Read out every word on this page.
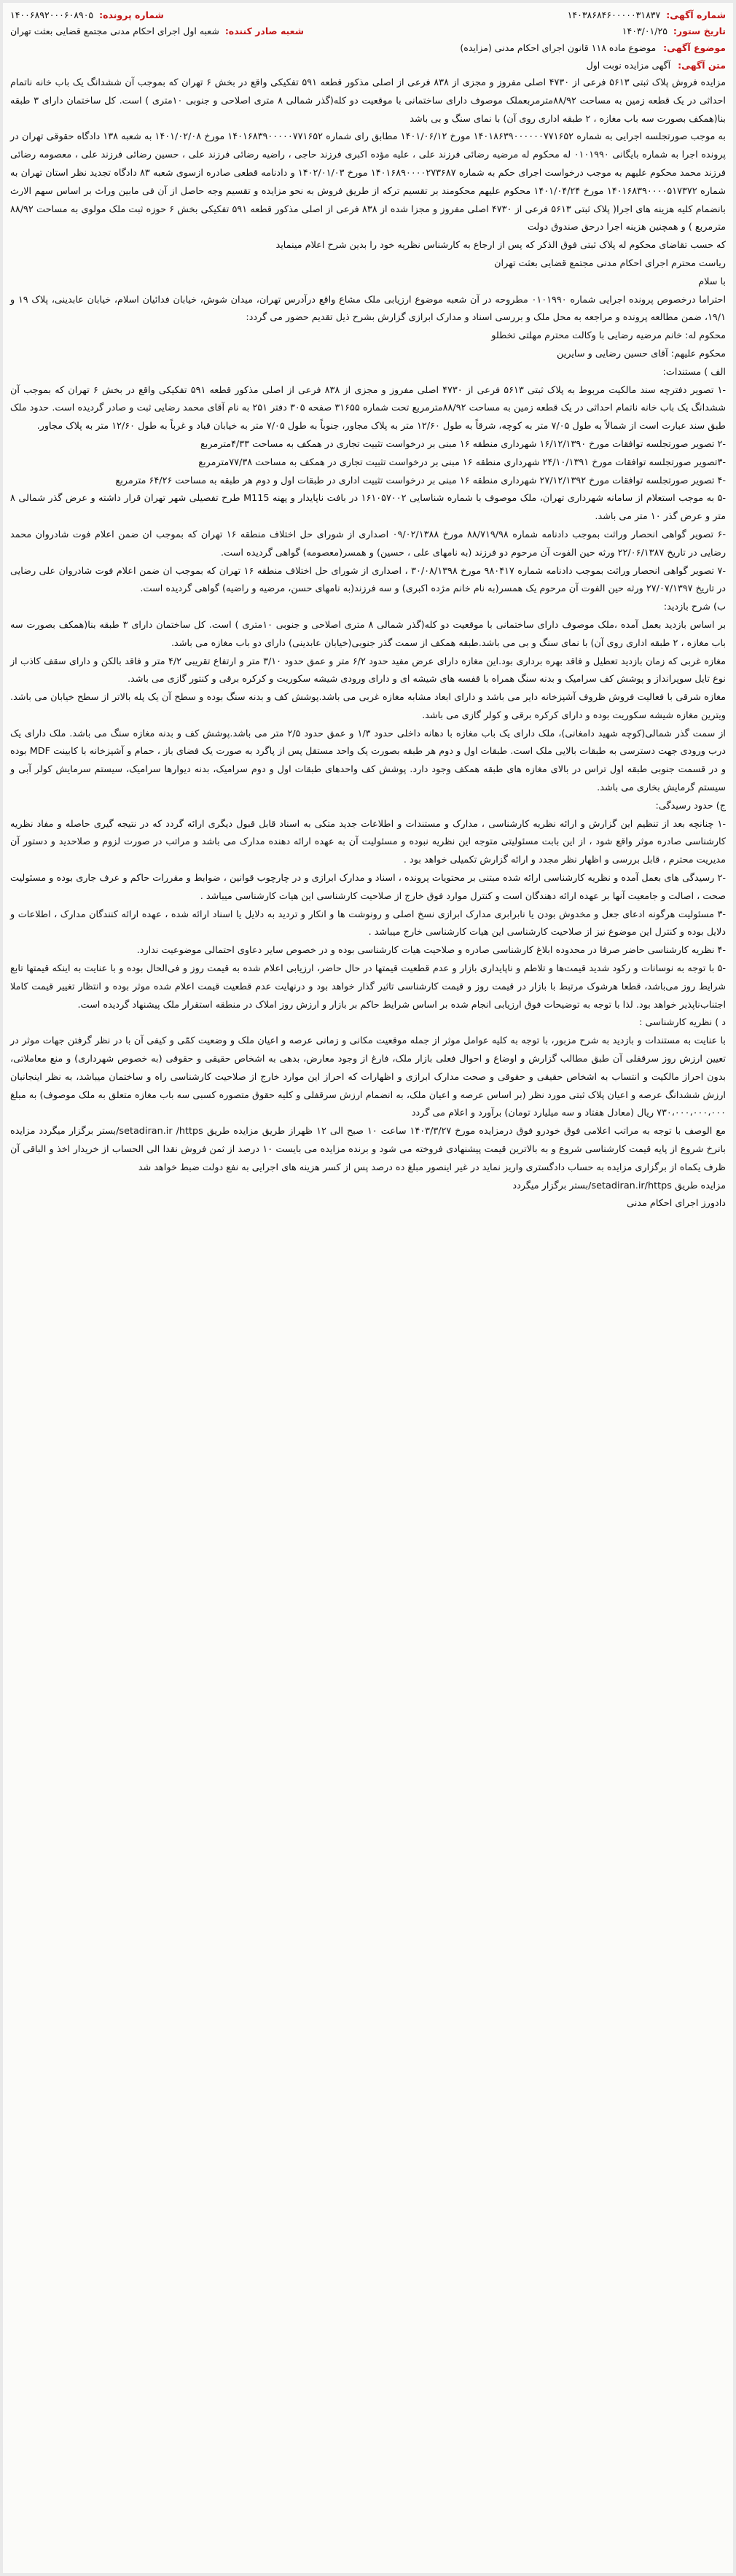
شماره آگهی:
۱۴۰۳۸۶۸۴۶۰۰۰۰۰۳۱۸۳۷
شماره پرونده:
۱۴۰۰۶۸۹۲۰۰۰۶۰۸۹۰۵
تاریخ ستور:
۱۴۰۳/۰۱/۲۵
شعبه صادر کننده:
شعبه اول اجرای احکام مدنی مجتمع قضایی بعثت تهران
موضوع آگهی: موضوع ماده ۱۱۸ قانون اجرای احکام مدنی (مزایده)
متن آگهی: آگهی مزایده نوبت اول

مزایده فروش پلاک ثبتی ۵۶۱۳ فرعی از ۴۷۳۰ اصلی مفروز و مجزی از ۸۳۸ فرعی از اصلی مذکور قطعه ۵۹۱ تفکیکی واقع در بخش ۶ تهران که بموجب آن ششدانگ یک باب خانه ناتمام احداثی در یک قطعه زمین به مساحت ۸۸/۹۲مترمربعملک موصوف دارای ساختمانی با موقعیت دو کله(گذر شمالی ۸ متری اصلاحی و جنوبی ۱۰متری ) است. کل ساختمان دارای ۳ طبقه بنا(همکف بصورت سه باب مغازه ، ۲ طبقه اداری روی آن) با نمای سنگ و بی باشد

به موجب صورتجلسه اجرایی به شماره ۱۴۰۱۸۶۳۹۰۰۰۰۰۰۷۷۱۶۵۲ مورخ ۱۴۰۱/۰۶/۱۲ مطابق رای شماره ۱۴۰۱۶۸۳۹۰۰۰۰۰۷۷۱۶۵۲ مورخ ۱۴۰۱/۰۲/۰۸ به شعبه ۱۳۸ دادگاه حقوقی تهران در پرونده اجرا به شماره بایگانی ۰۱۰۱۹۹۰ له محکوم له مرضیه رضائی فرزند علی ، علیه مؤده اکبری فرزند حاجی ، راضیه رضائی فرزند علی ، حسین رضائی فرزند علی ، معصومه رضائی فرزند محمد محکوم علیهم به موجب درخواست اجرای حکم به شماره ۱۴۰۱۶۸۹۰۰۰۰۲۷۳۶۸۷ مورخ ۱۴۰۲/۰۱/۰۳ و دادنامه قطعی صادره ازسوی شعبه ۸۳ دادگاه تجدید نظر استان تهران به شماره ۱۴۰۱۶۸۳۹۰۰۰۰۵۱۷۳۷۲ مورخ ۱۴۰۱/۰۴/۲۴ محکوم علیهم محکومند بر تقسیم ترکه از طریق فروش به نحو مزایده و تقسیم وجه حاصل از آن فی مابین وراث بر اساس سهم الارث بانضمام کلیه هزینه های اجرا( پلاک ثبتی ۵۶۱۳ فرعی از ۴۷۳۰ اصلی مفروز و مجزا شده از ۸۳۸ فرعی از اصلی مذکور قطعه ۵۹۱ تفکیکی بخش ۶ حوزه ثبت ملک مولوی به مساحت ۸۸/۹۲ مترمربع ) و همچنین هزینه اجرا درحق صندوق دولت

که حسب تقاضای محکوم له پلاک ثبتی فوق الذکر که پس از ارجاع به کارشناس نظریه خود را بدین شرح اعلام مینماید

ریاست محترم اجرای احکام مدنی مجتمع قضایی بعثت تهران

با سلام

احتراما درخصوص پرونده اجرایی شماره ۰۱۰۱۹۹۰ مطروحه در آن شعبه موضوع ارزیابی ملک مشاع واقع درآدرس تهران، میدان شوش، خیابان فدائیان اسلام، خیابان عابدینی، پلاک ۱۹ و ۱۹/۱، ضمن مطالعه پرونده و مراجعه به محل ملک و بررسی اسناد و مدارک ابرازی گزارش بشرح ذیل تقدیم حضور می گردد:

محکوم له: خانم مرضیه رضایی با وکالت محترم مهلتی تخطلو

محکوم علیهم: آقای حسین رضایی و سایرین

الف ) مستندات:

-۱ تصویر دفترچه سند مالکیت مربوط به پلاک ثبتی ۵۶۱۳ فرعی از ۴۷۳۰ اصلی مفروز و مجزی از ۸۳۸ فرعی از اصلی مذکور قطعه ۵۹۱ تفکیکی واقع در بخش ۶ تهران که بموجب آن ششدانگ یک باب خانه ناتمام احداثی در یک قطعه زمین به مساحت ۸۸/۹۲مترمربع تحت شماره ۳۱۶۵۵ صفحه ۳۰۵ دفتر ۲۵۱ به نام آقای محمد رضایی ثبت و صادر گردیده است. حدود ملک طبق سند عبارت است از شمالاً به طول ۷/۰۵ متر به کوچه، شرقاً به طول ۱۲/۶۰ متر به پلاک مجاور، جنوباً به طول ۷/۰۵ متر به خیابان قباد و غرباً به طول ۱۲/۶۰ متر به پلاک مجاور.

-۲ تصویر صورتجلسه توافقات مورخ ۱۶/۱۲/۱۳۹۰ شهرداری منطقه ۱۶ مبنی بر درخواست تثبیت تجاری در همکف به مساحت ۴/۳۳مترمربع

-۳تصویر صورتجلسه توافقات مورخ ۲۴/۱۰/۱۳۹۱ شهرداری منطقه ۱۶ مبنی بر درخواست تثبیت تجاری در همکف به مساحت ۷۷/۳۸مترمربع

-۴ تصویر صورتجلسه توافقات مورخ ۲۷/۱۲/۱۳۹۲ شهرداری منطقه ۱۶ مبنی بر درخواست تثبیت اداری در طبقات اول و دوم هر طبقه به مساحت ۶۴/۲۶ مترمربع

-۵ به موجب استعلام از سامانه شهرداری تهران، ملک موصوف با شماره شناسایی ۱۶۱۰۵۷۰۰۲ در بافت ناپایدار و پهنه M115 طرح تفصیلی شهر تهران قرار داشته و عرض گذر شمالی ۸ متر و عرض گذر ۱۰ متر می باشد.

-۶ تصویر گواهی انحصار وراثت بموجب دادنامه شماره ۸۸/۷۱۹/۹۸ مورخ ۰۹/۰۲/۱۳۸۸ اصداری از شورای حل اختلاف منطقه ۱۶ تهران که بموجب ان ضمن اعلام فوت شادروان محمد رضایی در تاریخ ۲۲/۰۶/۱۳۸۷ ورثه حین الفوت آن مرحوم دو فرزند (به نامهای علی ، حسین) و همسر(معصومه) گواهی گردیده است.

-۷ تصویر گواهی انحصار وراثت بموجب دادنامه شماره ۹۸۰۴۱۷ مورخ ۳۰/۰۸/۱۳۹۸ ، اصداری از شورای حل اختلاف منطقه ۱۶ تهران که بموجب ان ضمن اعلام فوت شادروان علی رضایی در تاریخ ۲۷/۰۷/۱۳۹۷ ورثه حین الفوت آن مرحوم یک همسر(به نام خانم مژده اکبری) و سه فرزند(به نامهای حسن، مرضیه و راضیه) گواهی گردیده است.

ب) شرح بازدید:

بر اساس بازدید بعمل آمده ،ملک موصوف دارای ساختمانی با موقعیت دو کله(گذر شمالی ۸ متری اصلاحی و جنوبی ۱۰متری ) است. کل ساختمان دارای ۳ طبقه بنا(همکف بصورت سه باب مغازه ، ۲ طبقه اداری روی آن) با نمای سنگ و بی می باشد.طبقه همکف از سمت گذر جنوبی(خیابان عابدینی) دارای دو باب مغازه می باشد.

مغازه غربی که زمان بازدید تعطیل و فاقد بهره برداری بود.این مغازه دارای عرض مفید حدود ۶/۲ متر و عمق حدود ۳/۱۰ متر و ارتفاع تقریبی ۴/۲ متر و فاقد بالکن و دارای سقف کاذب از نوع تایل سوپرانداز و پوشش کف سرامیک و بدنه سنگ همراه با قفسه های شیشه ای و دارای ورودی شیشه سکوریت و کرکره برقی و کنتور گازی می باشد.

مغازه شرقی با فعالیت فروش ظروف آشپزخانه دایر می باشد و دارای ابعاد مشابه مغازه غربی می باشد.پوشش کف و بدنه سنگ بوده و سطح آن یک پله بالاتر از سطح خیابان می باشد. ویترین مغازه شیشه سکوریت بوده و دارای کرکره برقی و کولر گازی می باشد.

از سمت گذر شمالی(کوچه شهید دامغانی)، ملک دارای یک باب مغازه با دهانه داخلی حدود ۱/۳ و عمق حدود ۲/۵ متر می باشد.پوشش کف و بدنه مغازه سنگ می باشد. ملک دارای یک درب ورودی جهت دسترسی به طبقات بالایی ملک است. طبقات اول و دوم هر طبقه بصورت یک واحد مستقل پس از پاگرد به صورت یک فضای باز ، حمام و آشپزخانه با کابینت MDF بوده و در قسمت جنوبی طبقه اول تراس در بالای مغازه های طبقه همکف وجود دارد. پوشش کف واحدهای طبقات اول و دوم سرامیک، بدنه دیوارها سرامیک، سیستم سرمایش کولر آبی و سیستم گرمایش بخاری می باشد.

ج) حدود رسیدگی:

-۱ چنانچه بعد از تنظیم این گزارش و ارائه نظریه کارشناسی ، مدارک و مستندات و اطلاعات جدید متکی به اسناد قابل قبول دیگری ارائه گردد که در نتیجه گیری حاصله و مفاد نظریه کارشناسی صادره موثر واقع شود ، از این بابت مسئولیتی متوجه این نظریه نبوده و مسئولیت آن به عهده ارائه دهنده مدارک می باشد و مراتب در صورت لزوم و صلاحدید و دستور آن مدیریت محترم ، قابل بررسی و اظهار نظر مجدد و ارائه گزارش تکمیلی خواهد بود .

-۲ رسیدگی های بعمل آمده و نظریه کارشناسی ارائه شده مبتنی بر محتویات پرونده ، اسناد و مدارک ابرازی و در چارچوب قوانین ، ضوابط و مقررات حاکم و عرف جاری بوده و مسئولیت صحت ، اصالت و جامعیت آنها بر عهده ارائه دهندگان است و کنترل موارد فوق خارج از صلاحیت کارشناسی این هیات کارشناسی میباشد .

-۳ مسئولیت هرگونه ادعای جعل و مخدوش بودن یا نابرابری مدارک ابرازی نسخ اصلی و رونوشت ها و انکار و تردید به دلایل یا اسناد ارائه شده ، عهده ارائه کنندگان مدارک ، اطلاعات و دلایل بوده و کنترل این موضوع نیز از صلاحیت کارشناسی این هیات کارشناسی خارج میباشد .

-۴ نظریه کارشناسی حاضر صرفا در محدوده ابلاغ کارشناسی صادره و صلاحیت هیات کارشناسی بوده و در خصوص سایر دعاوی احتمالی موضوعیت ندارد.

-۵ با توجه به نوسانات و رکود شدید قیمت‌ها و تلاطم و ناپایداری بازار و عدم قطعیت قیمتها در حال حاضر، ارزیابی اعلام شده به قیمت روز و فی‌الحال بوده و با عنایت به اینکه قیمتها تابع شرایط روز می‌باشد، قطعا هرشوک مرتبط با بازار در قیمت روز و قیمت کارشناسی تاثیر گذار خواهد بود و درنهایت عدم قطعیت قیمت اعلام شده موثر بوده و انتظار تغییر قیمت کاملا اجتناب‌ناپذیر خواهد بود. لذا با توجه به توضیحات فوق ارزیابی انجام شده بر اساس شرایط حاکم بر بازار و ارزش روز املاک در منطقه استقرار ملک پیشنهاد گردیده است.

د ) نظریه کارشناسی :

با عنایت به مستندات و بازدید به شرح مزبور، با توجه به کلیه عوامل موثر از جمله موقعیت مکانی و زمانی عرصه و اعیان ملک و وضعیت کمّی و کیفی آن با در نظر گرفتن جهات موثر در تعیین ارزش روز سرقفلی آن طبق مطالب گزارش و اوضاع و احوال فعلی بازار ملک، فارغ از وجود معارض، بدهی به اشخاص حقیقی و حقوقی (به خصوص شهرداری) و منع معاملاتی، بدون احراز مالکیت و انتساب به اشخاص حقیقی و حقوقی و صحت مدارک ابرازی و اظهارات که احراز این موارد خارج از صلاحیت کارشناسی راه و ساختمان میباشد، به نظر اینجانبان ارزش ششدانگ عرصه و اعیان پلاک ثبتی مورد نظر (بر اساس عرصه و اعیان ملک، به انضمام ارزش سرقفلی و کلیه حقوق متصوره کسبی سه باب مغازه متعلق به ملک موصوف) به مبلغ ۷۳۰،۰۰۰،۰۰۰،۰۰۰ ریال (معادل هفتاد و سه میلیارد تومان) برآورد و اعلام می گردد

مع الوصف با توجه به مراتب اعلامی فوق خودرو فوق درمزایده مورخ ۱۴۰۳/۳/۲۷ ساعت ۱۰ صبح الی ۱۲ ظهراز طریق مزایده طریق setadiran.ir /https/بستر برگزار میگردد مزایده بانرخ شروع از پایه قیمت کارشناسی شروع و به بالاترین قیمت پیشنهادی فروخته می شود و برنده مزایده می بایست ۱۰ درصد از ثمن فروش نقدا الی الحساب از خریدار اخذ و الباقی آن ظرف یکماه از برگزاری مزایده به حساب دادگستری واریز نماید در غیر اینصور مبلغ ده درصد پس از کسر هزینه های اجرایی به نفع دولت ضبط خواهد شد

مزایده طریق setadiran.ir/https/بستر برگزار میگردد

دادورز اجرای احکام مدنی
